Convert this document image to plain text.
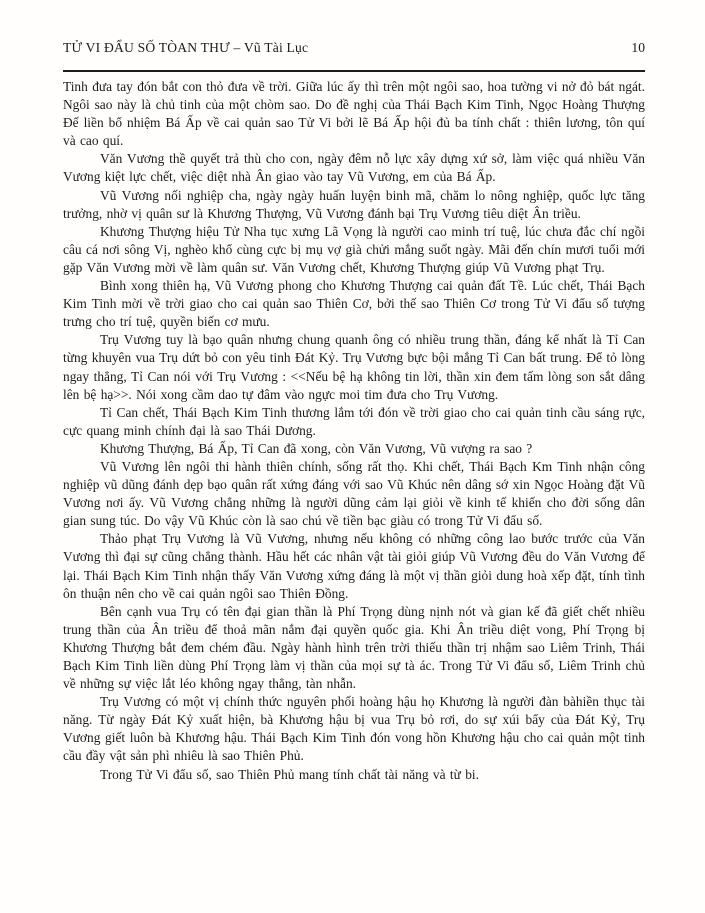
TỬ VI ĐẨU SỐ TÒAN THƯ – Vũ Tài Lục	10

Tinh đưa tay đón bắt con thỏ đưa về trời. Giữa lúc ấy thì trên một ngôi sao, hoa tường vi nở đỏ bát ngát. Ngôi sao này là chủ tinh của một chòm sao. Do đề nghị của Thái Bạch Kim Tinh, Ngọc Hoàng Thượng Đế liền bổ nhiệm Bá Ấp về cai quản sao Tử Vi bởi lẽ Bá Ấp hội đủ ba tính chất : thiên lương, tôn quí và cao quí.

Văn Vương thề quyết trả thù cho con, ngày đêm nỗ lực xây dựng xứ sở, làm việc quá nhiều Văn Vương kiệt lực chết, việc diệt nhà Ân giao vào tay Vũ Vương, em của Bá Ấp.

Vũ Vương nối nghiệp cha, ngày ngày huấn luyện binh mã, chăm lo nông nghiệp, quốc lực tăng trưởng, nhờ vị quân sư là Khương Thượng, Vũ Vương đánh bại Trụ Vương tiêu diệt Ân triều.

Khương Thượng hiệu Tử Nha tục xưng Lã Vọng là người cao minh trí tuệ, lúc chưa đắc chí ngồi câu cá nơi sông Vị, nghèo khổ cùng cực bị mụ vợ già chửi mắng suốt ngày. Mãi đến chín mươi tuổi mới gặp Văn Vương mời về làm quân sư. Văn Vương chết, Khương Thượng giúp Vũ Vương phạt Trụ.

Bình xong thiên hạ, Vũ Vương phong cho Khương Thượng cai quản đất Tề. Lúc chết, Thái Bạch Kim Tinh mời về trời giao cho cai quản sao Thiên Cơ, bởi thế sao Thiên Cơ trong Tử Vi đẩu số tượng trưng cho trí tuệ, quyền biến cơ mưu.

Trụ Vương tuy là bạo quân nhưng chung quanh ông có nhiều trung thần, đáng kể nhất là Tỉ Can từng khuyên vua Trụ dứt bỏ con yêu tinh Đát Kỷ. Trụ Vương bực bội mắng Tỉ Can bất trung. Để tỏ lòng ngay thẳng, Tỉ Can nói với Trụ Vương : <<Nếu bệ hạ không tin lời, thần xin đem tấm lòng son sắt dâng lên bệ hạ>>. Nói xong cầm dao tự đâm vào ngực moi tim đưa cho Trụ Vương.

Tỉ Can chết, Thái Bạch Kim Tinh thương lắm tới đón về trời giao cho cai quản tinh cầu sáng rực, cực quang minh chính đại là sao Thái Dương.

Khương Thượng, Bá Ấp, Tỉ Can đã xong, còn Văn Vương, Vũ vượng ra sao ?

Vũ Vương lên ngôi thi hành thiên chính, sống rất thọ. Khi chết, Thái Bạch Km Tinh nhận công nghiệp vũ dũng đánh dẹp bạo quân rất xứng đáng với sao Vũ Khúc nên dâng sớ xin Ngọc Hoàng đặt Vũ Vương nơi ấy. Vũ Vương chẳng những là người dũng cảm lại giỏi về kinh tế khiến cho đời sống dân gian sung túc. Do vậy Vũ Khúc còn là sao chú về tiền bạc giàu có trong Tử Vi đẩu số.

Thảo phạt Trụ Vương là Vũ Vương, nhưng nếu không có những công lao bước trước của Văn Vương thì đại sự cũng chẳng thành. Hầu hết các nhân vật tài giỏi giúp Vũ Vương đều do Văn Vương để lại. Thái Bạch Kim Tinh nhận thấy Văn Vương xứng đáng là một vị thần giỏi dung hoà xếp đặt, tính tình ôn thuận nên cho về cai quản ngôi sao Thiên Đồng.

Bên cạnh vua Trụ có tên đại gian thần là Phí Trọng dùng nịnh nót và gian kế đã giết chết nhiều trung thần của Ân triều để thoả mãn nắm đại quyền quốc gia. Khi Ân triều diệt vong, Phí Trọng bị Khương Thượng bắt đem chém đầu. Ngày hành hình trên trời thiếu thần trị nhậm sao Liêm Trinh, Thái Bạch Kim Tinh liền dùng Phí Trọng làm vị thần của mọi sự tà ác. Trong Tử Vi đẩu số, Liêm Trinh chủ về những sự việc lắt léo không ngay thẳng, tàn nhẫn.

Trụ Vương có một vị chính thức nguyên phối hoàng hậu họ Khương là người đàn bàhiền thục tài năng. Từ ngày Đát Kỷ xuất hiện, bà Khương hậu bị vua Trụ bỏ rơi, do sự xúi bẩy của Đát Kỷ, Trụ Vương giết luôn bà Khương hậu. Thái Bạch Kim Tinh đón vong hồn Khương hậu cho cai quản một tinh cầu đầy vật sản phì nhiêu là sao Thiên Phủ.

Trong Tử Vi đẩu số, sao Thiên Phủ mang tính chất tài năng và từ bi.
